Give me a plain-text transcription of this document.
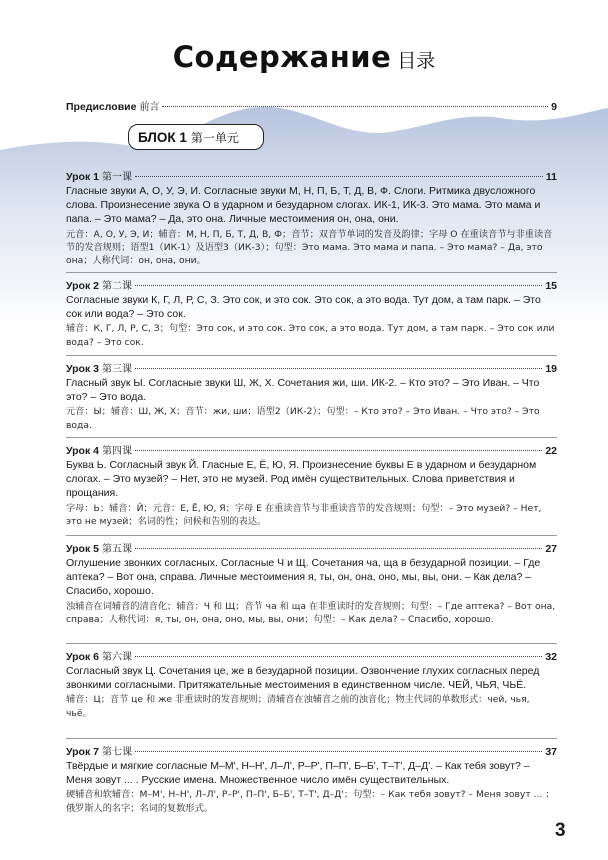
Содержание 目录
Предисловие 前言	9
БЛОК 1 第一单元
Урок 1 第一课	11
Гласные звуки А, О, У, Э, И. Согласные звуки М, Н, П, Б, Т, Д, В, Ф. Слоги. Ритмика двусложного слова. Произнесение звука О в ударном и безударном слогах. ИК-1, ИК-3. Это мама. Это мама и папа. – Это мама? – Да, это она. Личные местоимения он, она, они.
元音：А, О, У, Э, И；辅音：М, Н, П, Б, Т, Д, В, Ф；音节；双音节单词的发音及韵律；字母 О 在重读音节与非重读音节的发音规则；语型1（ИК-1）及语型3（ИК-3）；句型：Это мама. Это мама и папа. – Это мама? – Да, это она；人称代词：он, она, они。
Урок 2 第二课	15
Согласные звуки К, Г, Л, Р, С, З. Это сок, и это сок. Это сок, а это вода. Тут дом, а там парк. – Это сок или вода? – Это сок.
辅音：К, Г, Л, Р, С, З；句型：Это сок, и это сок. Это сок, а это вода. Тут дом, а там парк. – Это сок или вода? – Это сок.
Урок 3 第三课	19
Гласный звук Ы. Согласные звуки Ш, Ж, Х. Сочетания жи, ши. ИК-2. – Кто это? – Это Иван. – Что это? – Это вода.
元音：Ы；辅音：Ш, Ж, Х；音节：жи, ши；语型2（ИК-2）；句型：– Кто это? – Это Иван. – Что это? – Это вода.
Урок 4 第四课	22
Буква Ь. Согласный звук Й. Гласные Е, Ё, Ю, Я. Произнесение буквы Е в ударном и безударном слогах. – Это музей? – Нет, это не музей. Род имён существительных. Слова приветствия и прощания.
字母：Ь；辅音：Й；元音：Е, Ё, Ю, Я；字母 Е 在重读音节与非重读音节的发音规则；句型：– Это музей? – Нет, это не музей；名词的性；问候和告别的表达。
Урок 5 第五课	27
Оглушение звонких согласных. Согласные Ч и Щ. Сочетания ча, ща в безударной позиции. – Где аптека? – Вот она, справа. Личные местоимения я, ты, он, она, оно, мы, вы, они. – Как дела? – Спасибо, хорошо.
浊辅音在词辅音的清音化；辅音：Ч 和 Щ；音节 ча 和 ща 在非重读时的发音规则；句型：– Где аптека? – Вот она, справа；人称代词：я, ты, он, она, оно, мы, вы, они；句型：– Как дела? – Спасибо, хорошо.
Урок 6 第六课	32
Согласный звук Ц. Сочетания це, же в безударной позиции. Озвончение глухих согласных перед звонкими согласными. Притяжательные местоимения в единственном числе. ЧЕЙ, ЧЬЯ, ЧЬЁ.
辅音：Ц；音节 це 和 же 非重读时的发音规则；清辅音在浊辅音之前的浊音化；物主代词的单数形式：чей, чья, чьё。
Урок 7 第七课	37
Твёрдые и мягкие согласные М–М', Н–Н', Л–Л', Р–Р', П–П', Б–Б', Т–Т', Д–Д'. – Как тебя зовут? – Меня зовут ... . Русские имена. Множественное число имён существительных.
硬辅音和软辅音：М–М', Н–Н', Л–Л', Р–Р', П–П', Б–Б', Т–Т', Д–Д'；句型：– Как тебя зовут? – Меня зовут ... ；俄罗斯人的名字；名词的复数形式。
3
